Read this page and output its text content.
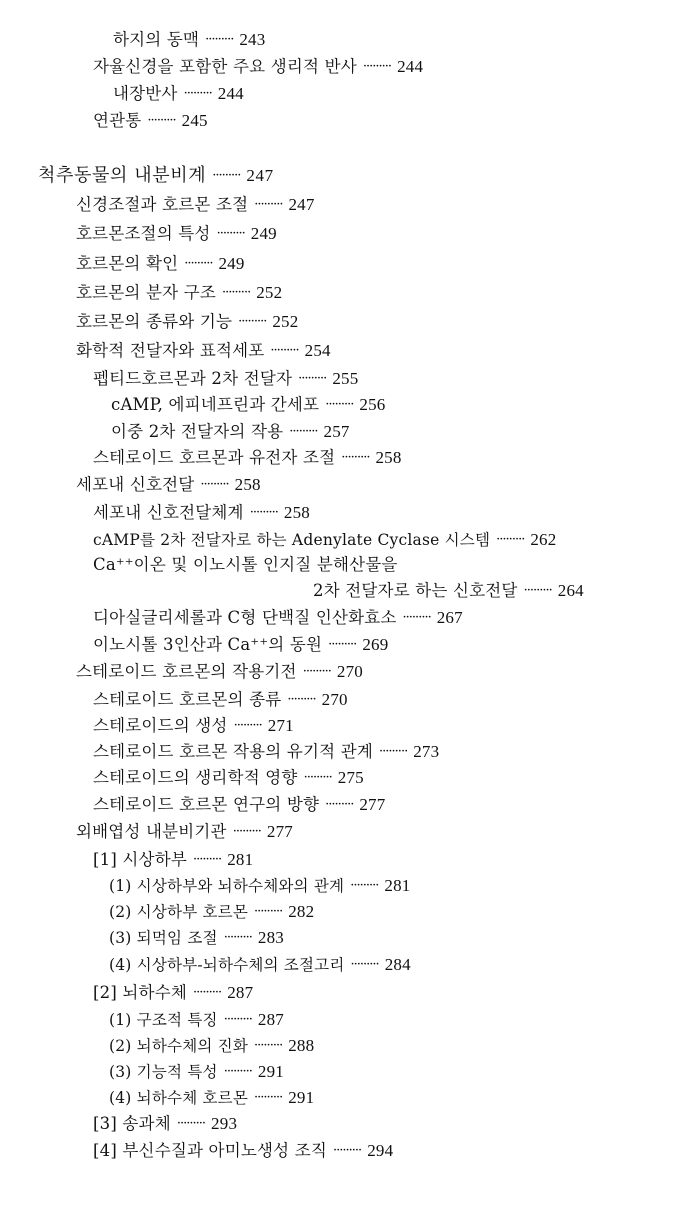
하지의 동맥 ········· 243
자율신경을 포함한 주요 생리적 반사 ········· 244
내장반사 ········· 244
연관통 ········· 245
척추동물의 내분비계 ········· 247
신경조절과 호르몬 조절 ········· 247
호르몬조절의 특성 ········· 249
호르몬의 확인 ········· 249
호르몬의 분자 구조 ········· 252
호르몬의 종류와 기능 ········· 252
화학적 전달자와 표적세포 ········· 254
펩티드호르몬과 2차 전달자 ········· 255
cAMP, 에피네프린과 간세포 ········· 256
이중 2차 전달자의 작용 ········· 257
스테로이드 호르몬과 유전자 조절 ········· 258
세포내 신호전달 ········· 258
세포내 신호전달체계 ········· 258
cAMP를 2차 전달자로 하는 Adenylate Cyclase 시스템 ········· 262
Ca⁺⁺이온 및 이노시톨 인지질 분해산물을
2차 전달자로 하는 신호전달 ········· 264
디아실글리세롤과 C형 단백질 인산화효소 ········· 267
이노시톨 3인산과 Ca⁺⁺의 동원 ········· 269
스테로이드 호르몬의 작용기전 ········· 270
스테로이드 호르몬의 종류 ········· 270
스테로이드의 생성 ········· 271
스테로이드 호르몬 작용의 유기적 관계 ········· 273
스테로이드의 생리학적 영향 ········· 275
스테로이드 호르몬 연구의 방향 ········· 277
외배엽성 내분비기관 ········· 277
[1] 시상하부 ········· 281
(1) 시상하부와 뇌하수체와의 관계 ········· 281
(2) 시상하부 호르몬 ········· 282
(3) 되먹임 조절 ········· 283
(4) 시상하부-뇌하수체의 조절고리 ········· 284
[2] 뇌하수체 ········· 287
(1) 구조적 특징 ········· 287
(2) 뇌하수체의 진화 ········· 288
(3) 기능적 특성 ········· 291
(4) 뇌하수체 호르몬 ········· 291
[3] 송과체 ········· 293
[4] 부신수질과 아미노생성 조직 ········· 294
